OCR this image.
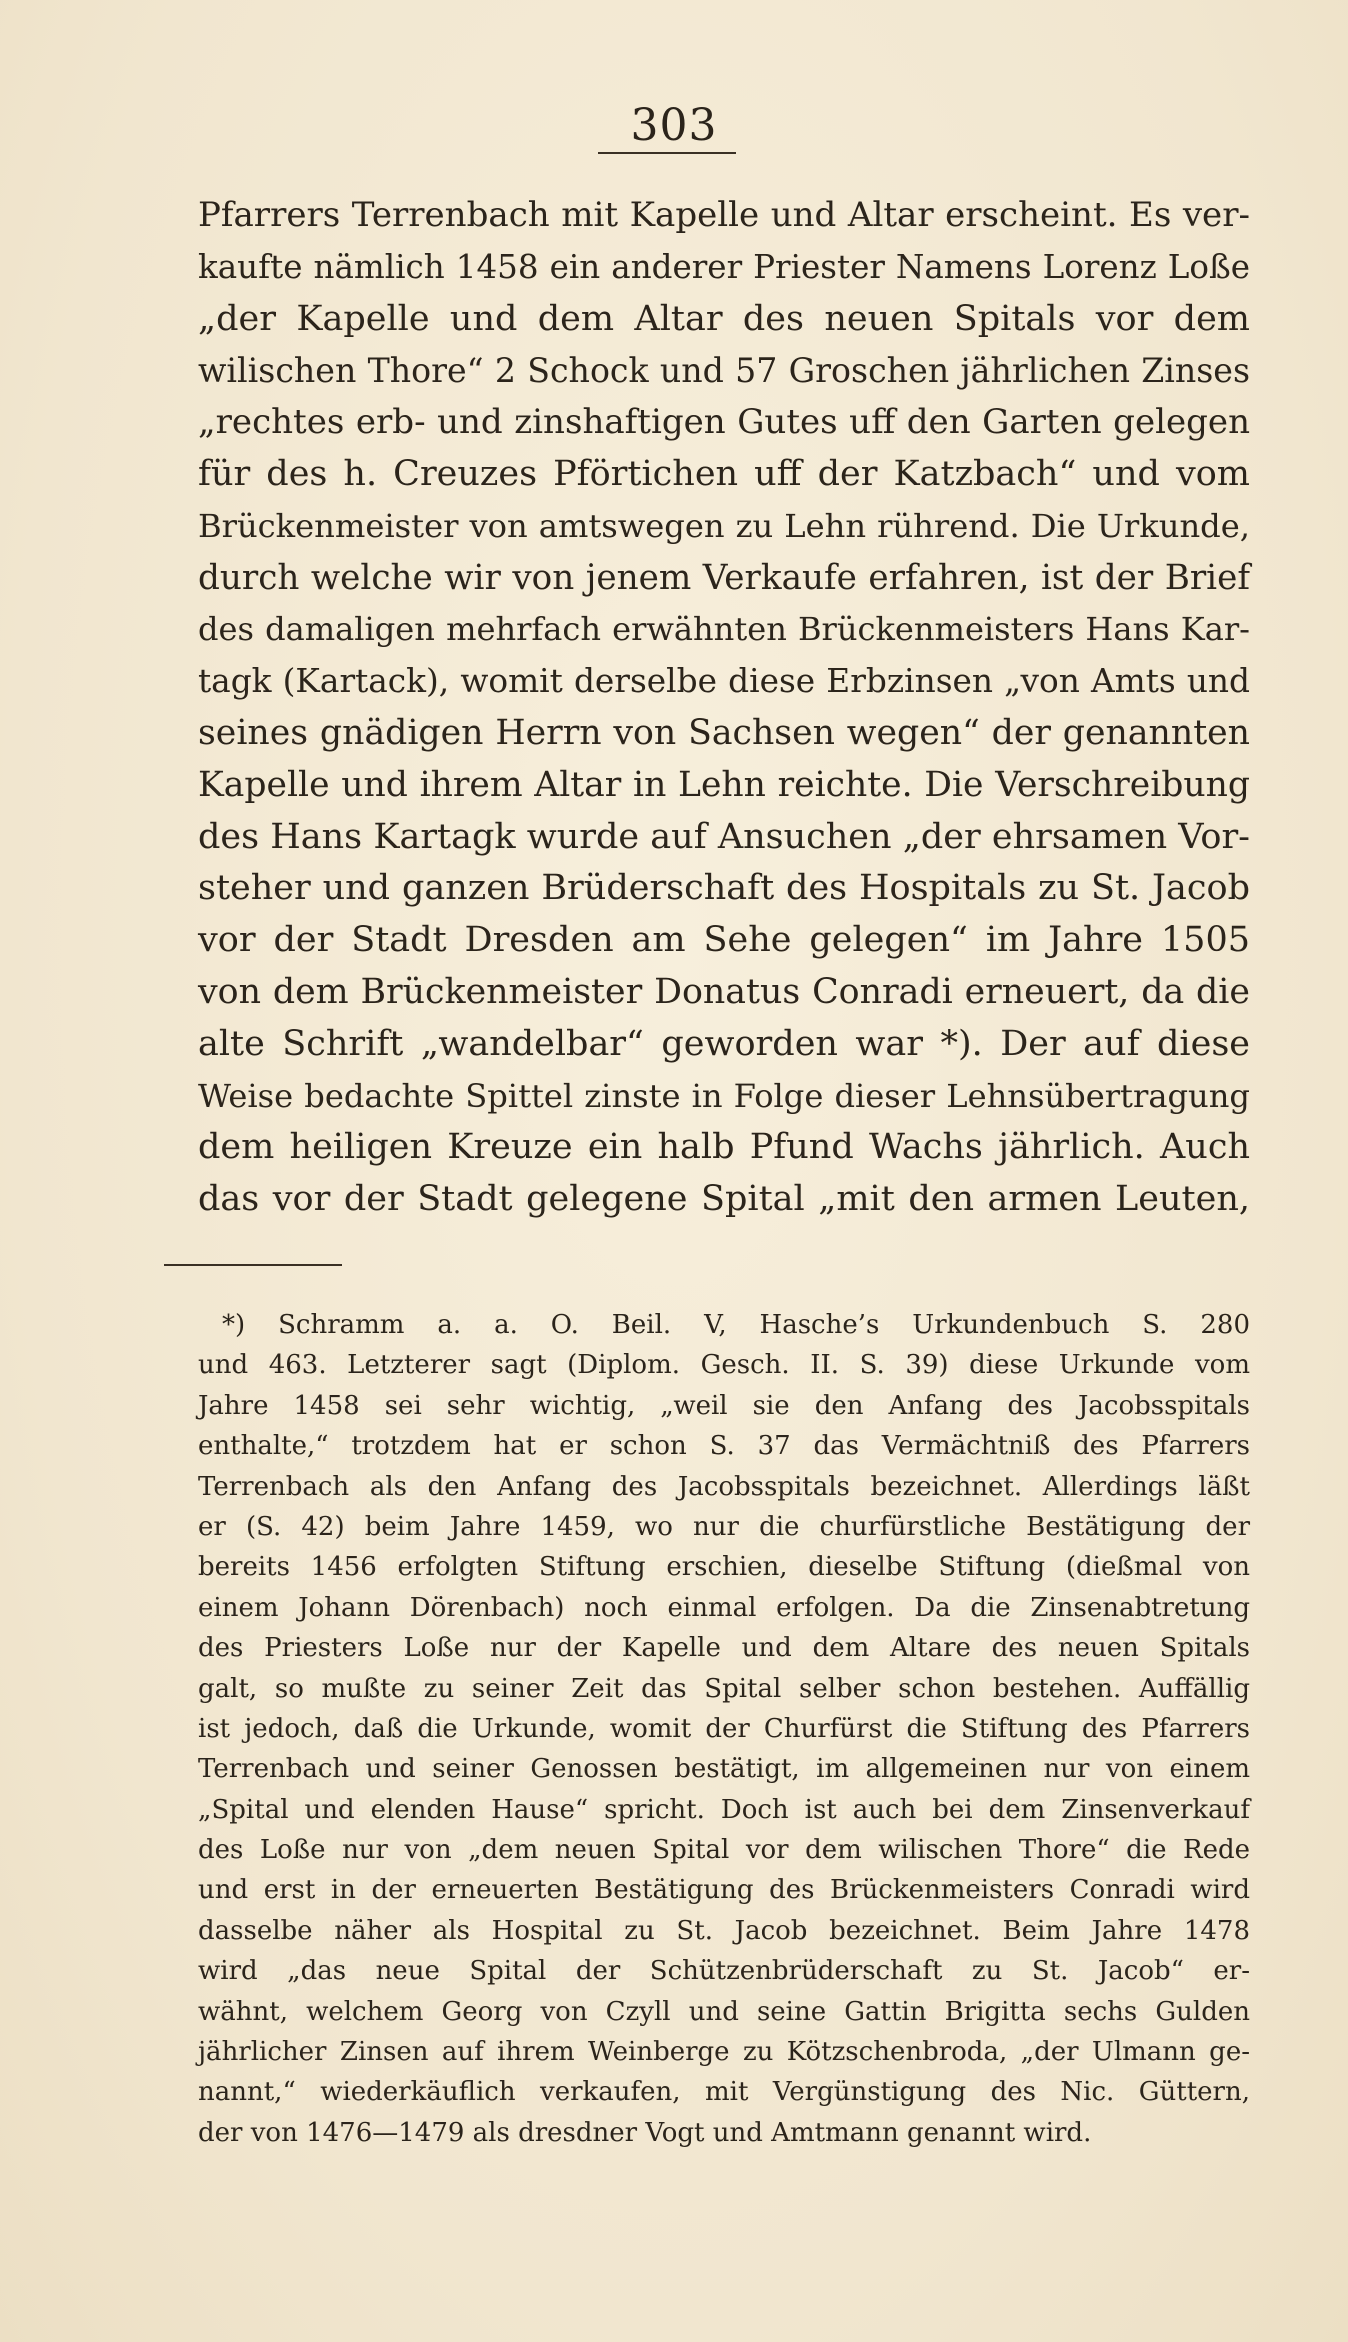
303
Pfarrers Terrenbach mit Kapelle und Altar erscheint. Es ver-
kaufte nämlich 1458 ein anderer Priester Namens Lorenz Loße
„der Kapelle und dem Altar des neuen Spitals vor dem
wilischen Thore“ 2 Schock und 57 Groschen jährlichen Zinses
„rechtes erb- und zinshaftigen Gutes uff den Garten gelegen
für des h. Creuzes Pförtichen uff der Katzbach“ und vom
Brückenmeister von amtswegen zu Lehn rührend. Die Urkunde,
durch welche wir von jenem Verkaufe erfahren, ist der Brief
des damaligen mehrfach erwähnten Brückenmeisters Hans Kar-
tagk (Kartack), womit derselbe diese Erbzinsen „von Amts und
seines gnädigen Herrn von Sachsen wegen“ der genannten
Kapelle und ihrem Altar in Lehn reichte. Die Verschreibung
des Hans Kartagk wurde auf Ansuchen „der ehrsamen Vor-
steher und ganzen Brüderschaft des Hospitals zu St. Jacob
vor der Stadt Dresden am Sehe gelegen“ im Jahre 1505
von dem Brückenmeister Donatus Conradi erneuert, da die
alte Schrift „wandelbar“ geworden war *). Der auf diese
Weise bedachte Spittel zinste in Folge dieser Lehnsübertragung
dem heiligen Kreuze ein halb Pfund Wachs jährlich. Auch
das vor der Stadt gelegene Spital „mit den armen Leuten,
*) Schramm a. a. O. Beil. V, Hasche’s Urkundenbuch S. 280
und 463. Letzterer sagt (Diplom. Gesch. II. S. 39) diese Urkunde vom
Jahre 1458 sei sehr wichtig, „weil sie den Anfang des Jacobsspitals
enthalte,“ trotzdem hat er schon S. 37 das Vermächtniß des Pfarrers
Terrenbach als den Anfang des Jacobsspitals bezeichnet. Allerdings läßt
er (S. 42) beim Jahre 1459, wo nur die churfürstliche Bestätigung der
bereits 1456 erfolgten Stiftung erschien, dieselbe Stiftung (dießmal von
einem Johann Dörenbach) noch einmal erfolgen. Da die Zinsenabtretung
des Priesters Loße nur der Kapelle und dem Altare des neuen Spitals
galt, so mußte zu seiner Zeit das Spital selber schon bestehen. Auffällig
ist jedoch, daß die Urkunde, womit der Churfürst die Stiftung des Pfarrers
Terrenbach und seiner Genossen bestätigt, im allgemeinen nur von einem
„Spital und elenden Hause“ spricht. Doch ist auch bei dem Zinsenverkauf
des Loße nur von „dem neuen Spital vor dem wilischen Thore“ die Rede
und erst in der erneuerten Bestätigung des Brückenmeisters Conradi wird
dasselbe näher als Hospital zu St. Jacob bezeichnet. Beim Jahre 1478
wird „das neue Spital der Schützenbrüderschaft zu St. Jacob“ er-
wähnt, welchem Georg von Czyll und seine Gattin Brigitta sechs Gulden
jährlicher Zinsen auf ihrem Weinberge zu Kötzschenbroda, „der Ulmann ge-
nannt,“ wiederkäuflich verkaufen, mit Vergünstigung des Nic. Güttern,
der von 1476—1479 als dresdner Vogt und Amtmann genannt wird.
